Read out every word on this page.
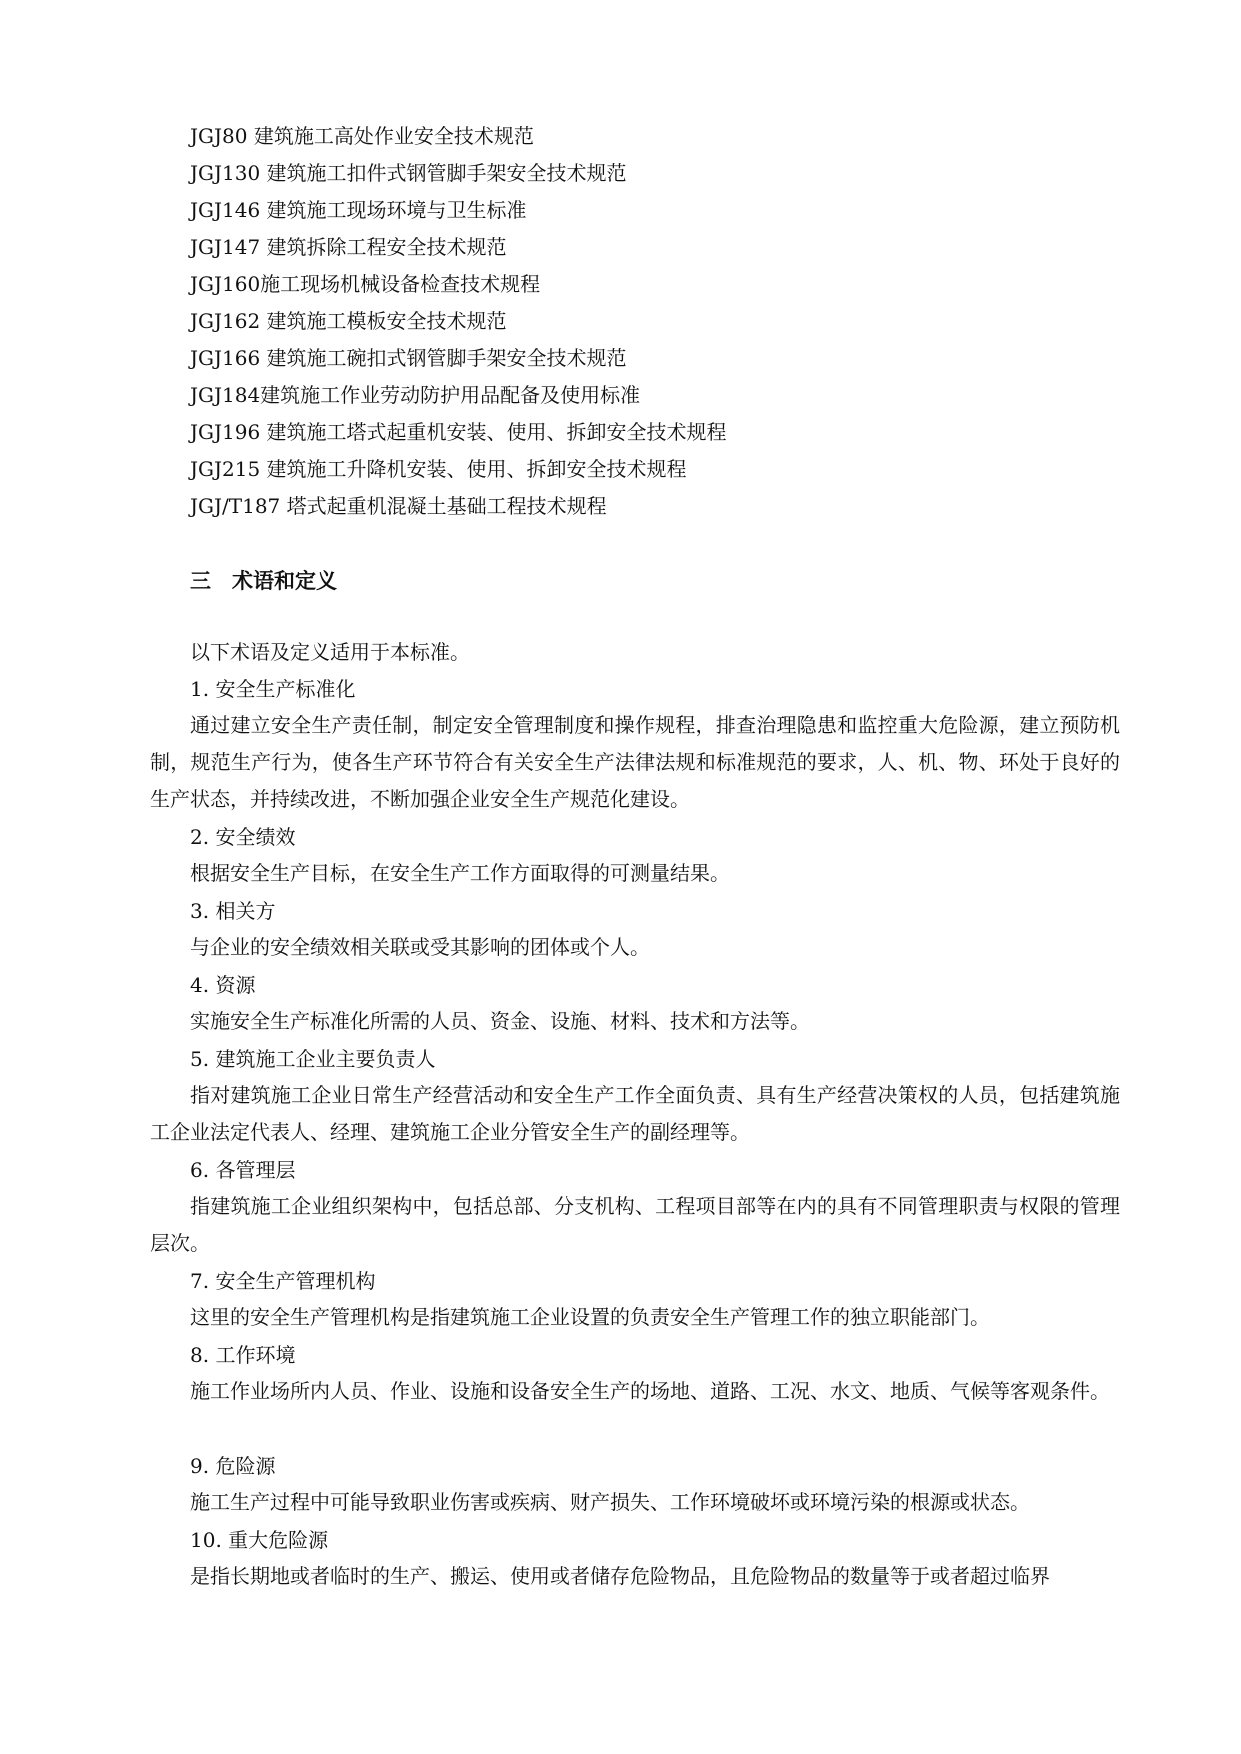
JGJ80 建筑施工高处作业安全技术规范
JGJ130 建筑施工扣件式钢管脚手架安全技术规范
JGJ146 建筑施工现场环境与卫生标准
JGJ147 建筑拆除工程安全技术规范
JGJ160施工现场机械设备检查技术规程
JGJ162 建筑施工模板安全技术规范
JGJ166 建筑施工碗扣式钢管脚手架安全技术规范
JGJ184建筑施工作业劳动防护用品配备及使用标准
JGJ196 建筑施工塔式起重机安装、使用、拆卸安全技术规程
JGJ215 建筑施工升降机安装、使用、拆卸安全技术规程
JGJ/T187 塔式起重机混凝土基础工程技术规程
三　术语和定义
以下术语及定义适用于本标准。
1. 安全生产标准化
通过建立安全生产责任制，制定安全管理制度和操作规程，排查治理隐患和监控重大危险源，建立预防机制，规范生产行为，使各生产环节符合有关安全生产法律法规和标准规范的要求，人、机、物、环处于良好的生产状态，并持续改进，不断加强企业安全生产规范化建设。
2. 安全绩效
根据安全生产目标，在安全生产工作方面取得的可测量结果。
3. 相关方
与企业的安全绩效相关联或受其影响的团体或个人。
4. 资源
实施安全生产标准化所需的人员、资金、设施、材料、技术和方法等。
5. 建筑施工企业主要负责人
指对建筑施工企业日常生产经营活动和安全生产工作全面负责、具有生产经营决策权的人员，包括建筑施工企业法定代表人、经理、建筑施工企业分管安全生产的副经理等。
6. 各管理层
指建筑施工企业组织架构中，包括总部、分支机构、工程项目部等在内的具有不同管理职责与权限的管理层次。
7. 安全生产管理机构
这里的安全生产管理机构是指建筑施工企业设置的负责安全生产管理工作的独立职能部门。
8. 工作环境
施工作业场所内人员、作业、设施和设备安全生产的场地、道路、工况、水文、地质、气候等客观条件。
9. 危险源
施工生产过程中可能导致职业伤害或疾病、财产损失、工作环境破坏或环境污染的根源或状态。
10. 重大危险源
是指长期地或者临时的生产、搬运、使用或者储存危险物品，且危险物品的数量等于或者超过临界
